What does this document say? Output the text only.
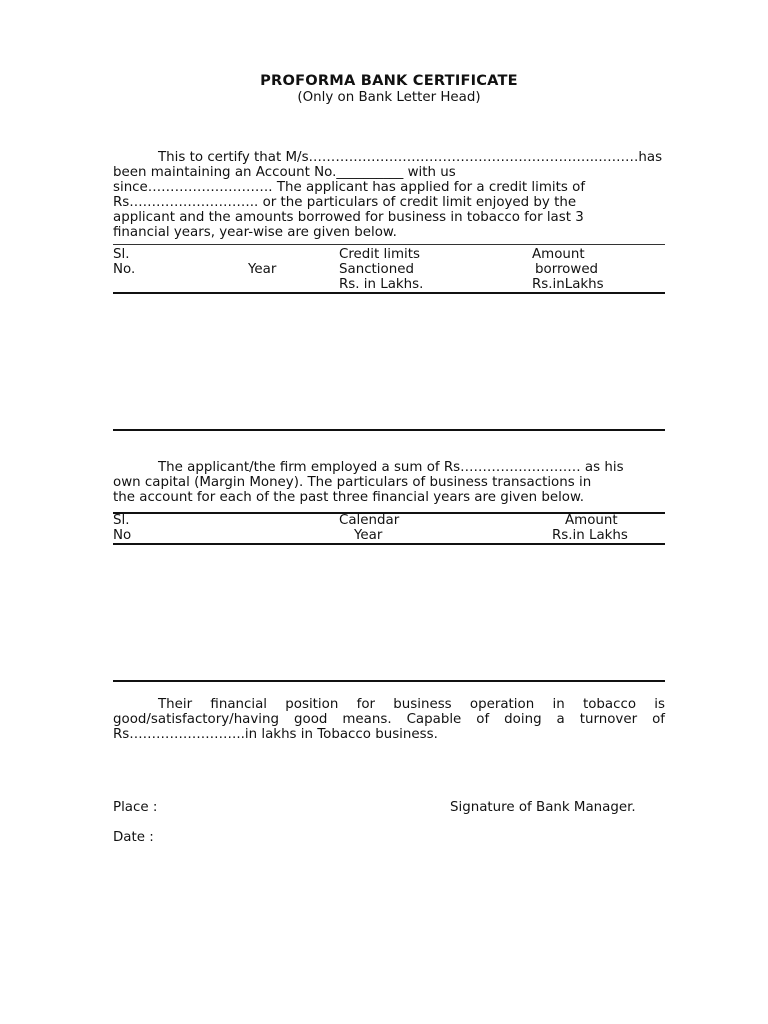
PROFORMA BANK CERTIFICATE
(Only on Bank Letter Head)
This to certify that M/s………………………………………………………..………has
been maintaining an Account No.__________ with us
since………………………. The applicant has applied for a credit limits of
Rs……………………….. or the particulars of credit limit enjoyed by the
applicant and the amounts borrowed for business in tobacco for last 3
financial years, year-wise are given below.
Sl.
No.	Year
Credit limits
Sanctioned
Rs. in Lakhs.
Amount
borrowed
Rs.inLakhs
The applicant/the firm employed a sum of Rs……………………… as his
own capital (Margin Money). The particulars of business transactions in
the account for each of the past three financial years are given below.
Sl.
No
Calendar
Year
Amount
Rs.in Lakhs
Their financial position for business operation in tobacco is
good/satisfactory/having good means. Capable of doing a turnover of
Rs……………………..in lakhs in Tobacco business.
Place :	Signature of Bank Manager.
Date :
